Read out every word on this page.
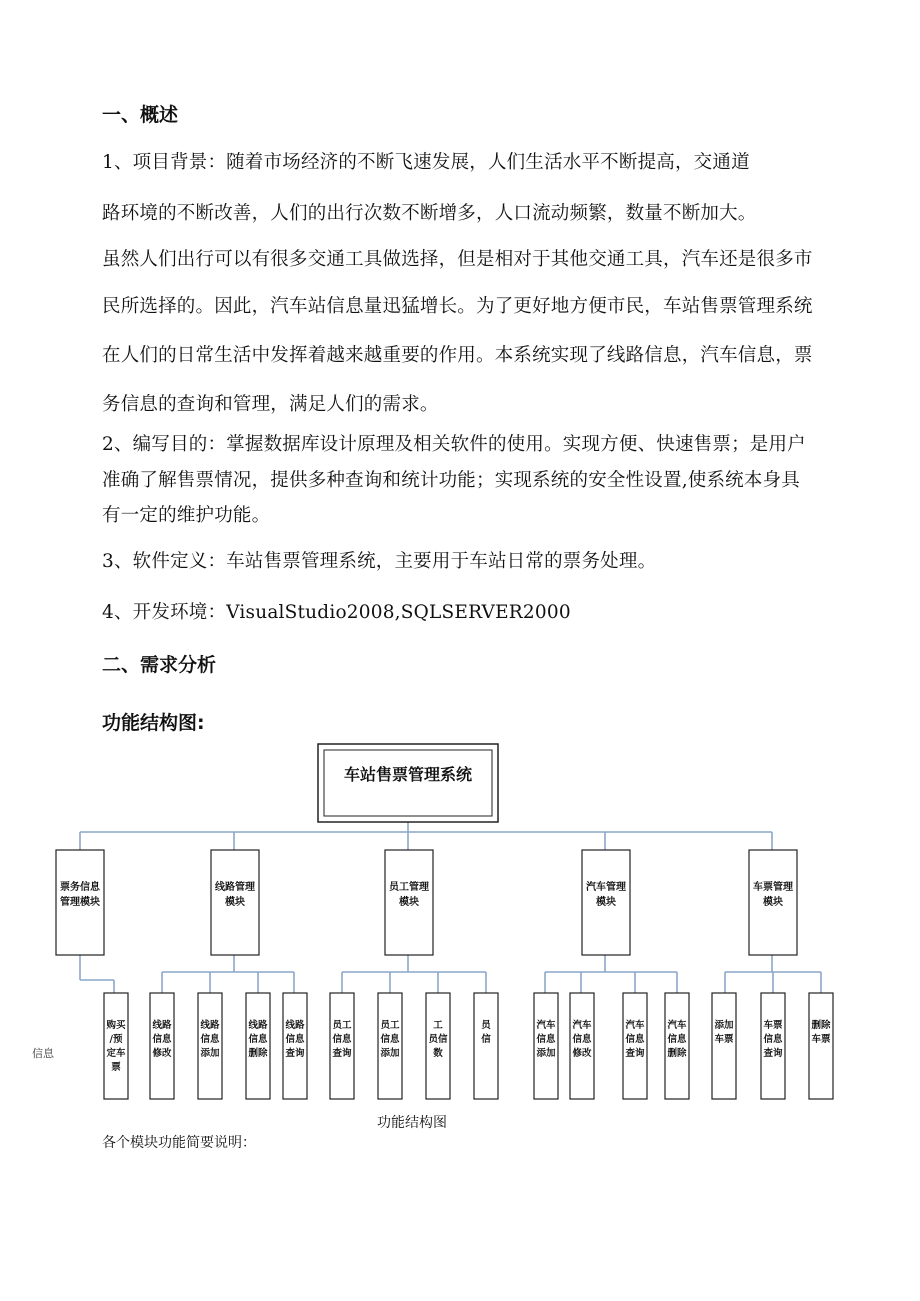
一、概述
1、项目背景：随着市场经济的不断飞速发展，人们生活水平不断提高，交通道
路环境的不断改善，人们的出行次数不断增多，人口流动频繁，数量不断加大。
虽然人们出行可以有很多交通工具做选择，但是相对于其他交通工具，汽车还是很多市
民所选择的。因此，汽车站信息量迅猛增长。为了更好地方便市民，车站售票管理系统
在人们的日常生活中发挥着越来越重要的作用。本系统实现了线路信息，汽车信息，票
务信息的查询和管理，满足人们的需求。
2、编写目的：掌握数据库设计原理及相关软件的使用。实现方便、快速售票；是用户
准确了解售票情况，提供多种查询和统计功能；实现系统的安全性设置,使系统本身具
有一定的维护功能。
3、软件定义：车站售票管理系统，主要用于车站日常的票务处理。
4、开发环境：VisualStudio2008,SQLSERVER2000
二、需求分析
功能结构图:
信息
车站售票管理系统
票务信息
管理模块
线路管理
模块
员工管理
模块
汽车管理
模块
车票管理
模块
购买
/预
定车
票
线路
信息
修改
线路
信息
添加
线路
信息
删除
线路
信息
查询
员工
信息
查询
员工
信息
添加
工
员信
数
员
信
汽车
信息
添加
汽车
信息
修改
汽车
信息
查询
汽车
信息
删除
添加
车票
车票
信息
查询
删除
车票
功能结构图
各个模块功能简要说明：
